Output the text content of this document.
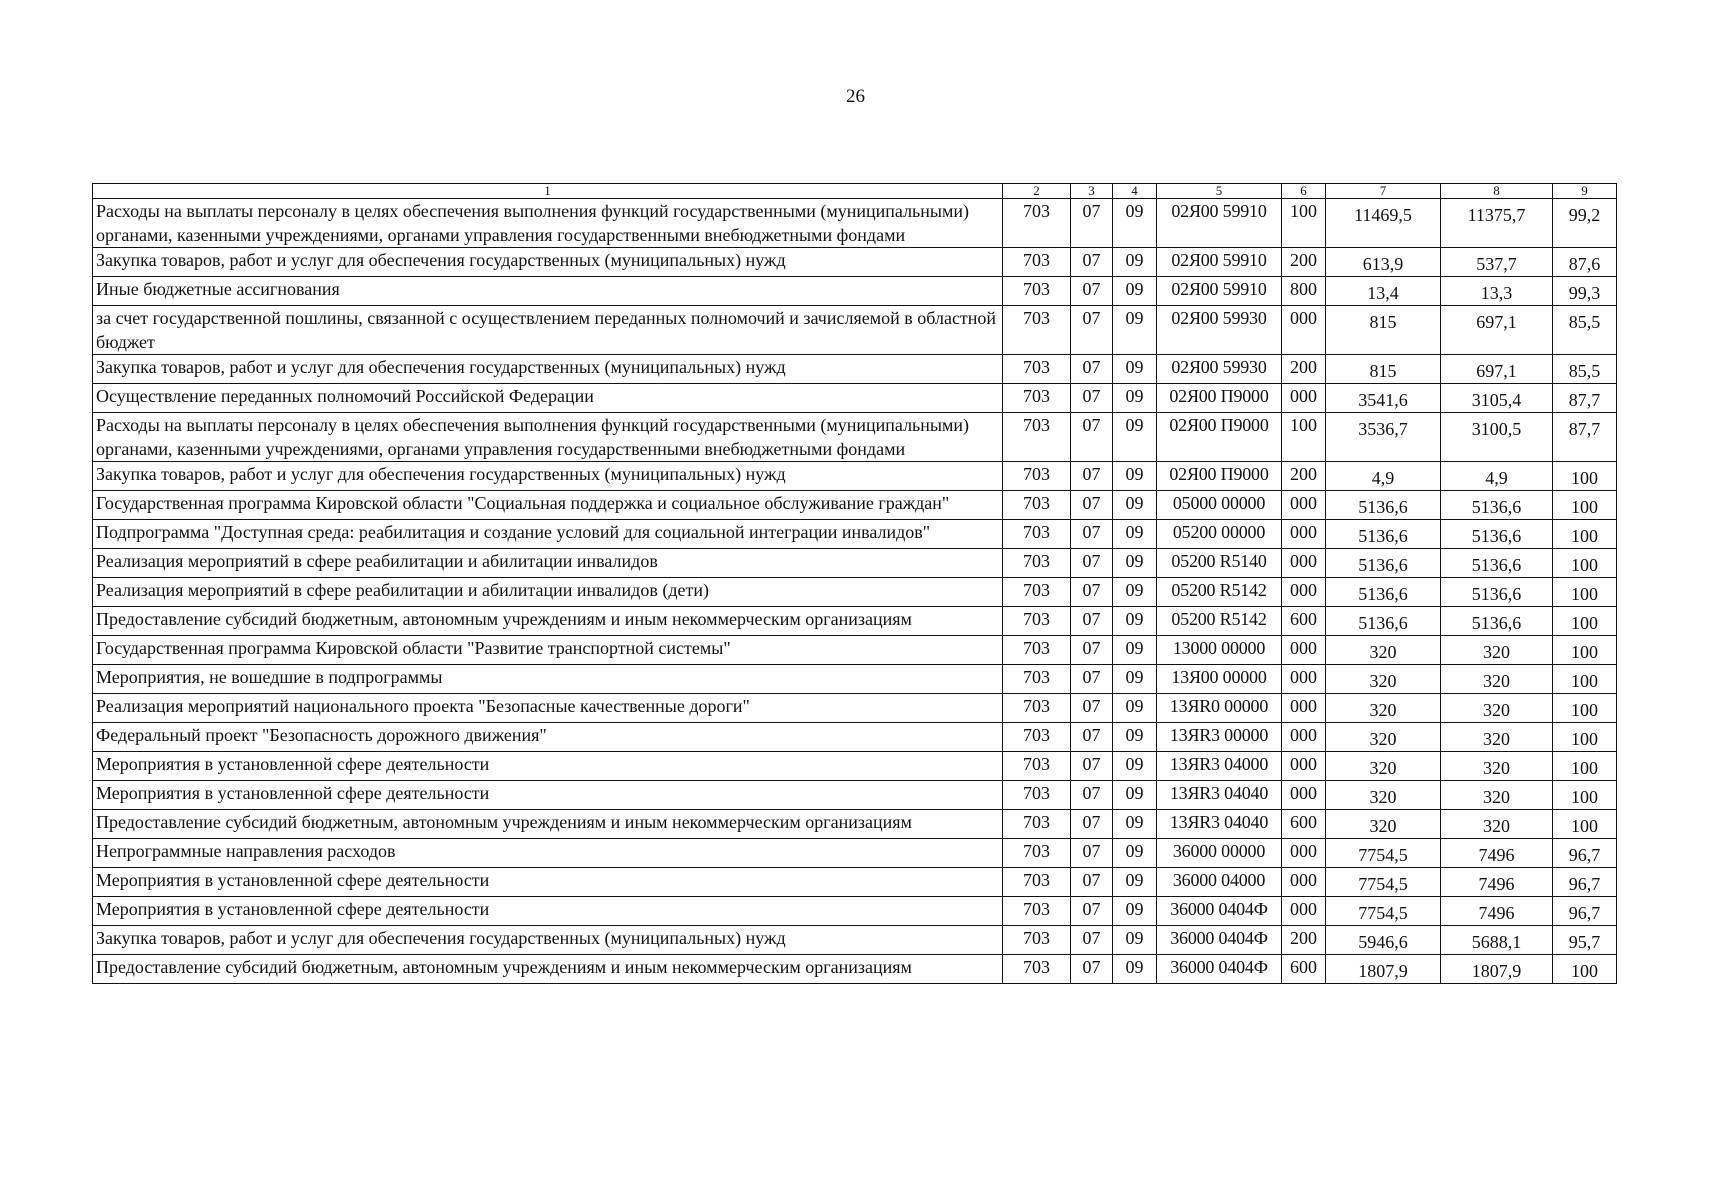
26
1	2	3	4	5	6	7	8	9
Расходы на выплаты персоналу в целях обеспечения выполнения функций государственными (муниципальными) органами, казенными учреждениями, органами управления государственными внебюджетными фондами	703	07	09	02Я00 59910	100	11469,5	11375,7	99,2
Закупка товаров, работ и услуг для обеспечения государственных (муниципальных) нужд	703	07	09	02Я00 59910	200	613,9	537,7	87,6
Иные бюджетные ассигнования	703	07	09	02Я00 59910	800	13,4	13,3	99,3
за счет государственной пошлины, связанной с осуществлением переданных полномочий и зачисляемой в областной бюджет	703	07	09	02Я00 59930	000	815	697,1	85,5
Закупка товаров, работ и услуг для обеспечения государственных (муниципальных) нужд	703	07	09	02Я00 59930	200	815	697,1	85,5
Осуществление переданных полномочий Российской Федерации	703	07	09	02Я00 П9000	000	3541,6	3105,4	87,7
Расходы на выплаты персоналу в целях обеспечения выполнения функций государственными (муниципальными) органами, казенными учреждениями, органами управления государственными внебюджетными фондами	703	07	09	02Я00 П9000	100	3536,7	3100,5	87,7
Закупка товаров, работ и услуг для обеспечения государственных (муниципальных) нужд	703	07	09	02Я00 П9000	200	4,9	4,9	100
Государственная программа Кировской области "Социальная поддержка и социальное обслуживание граждан"	703	07	09	05000 00000	000	5136,6	5136,6	100
Подпрограмма "Доступная среда: реабилитация и создание условий для социальной интеграции инвалидов"	703	07	09	05200 00000	000	5136,6	5136,6	100
Реализация мероприятий в сфере реабилитации и абилитации инвалидов	703	07	09	05200 R5140	000	5136,6	5136,6	100
Реализация мероприятий в сфере реабилитации и абилитации инвалидов (дети)	703	07	09	05200 R5142	000	5136,6	5136,6	100
Предоставление субсидий бюджетным, автономным учреждениям и иным некоммерческим организациям	703	07	09	05200 R5142	600	5136,6	5136,6	100
Государственная программа Кировской области "Развитие транспортной системы"	703	07	09	13000 00000	000	320	320	100
Мероприятия, не вошедшие в подпрограммы	703	07	09	13Я00 00000	000	320	320	100
Реализация мероприятий национального проекта "Безопасные качественные дороги"	703	07	09	13ЯR0 00000	000	320	320	100
Федеральный проект "Безопасность дорожного движения"	703	07	09	13ЯR3 00000	000	320	320	100
Мероприятия в установленной сфере деятельности	703	07	09	13ЯR3 04000	000	320	320	100
Мероприятия в установленной сфере деятельности	703	07	09	13ЯR3 04040	000	320	320	100
Предоставление субсидий бюджетным, автономным учреждениям и иным некоммерческим организациям	703	07	09	13ЯR3 04040	600	320	320	100
Непрограммные направления расходов	703	07	09	36000 00000	000	7754,5	7496	96,7
Мероприятия в установленной сфере деятельности	703	07	09	36000 04000	000	7754,5	7496	96,7
Мероприятия в установленной сфере деятельности	703	07	09	36000 0404Ф	000	7754,5	7496	96,7
Закупка товаров, работ и услуг для обеспечения государственных (муниципальных) нужд	703	07	09	36000 0404Ф	200	5946,6	5688,1	95,7
Предоставление субсидий бюджетным, автономным учреждениям и иным некоммерческим организациям	703	07	09	36000 0404Ф	600	1807,9	1807,9	100
